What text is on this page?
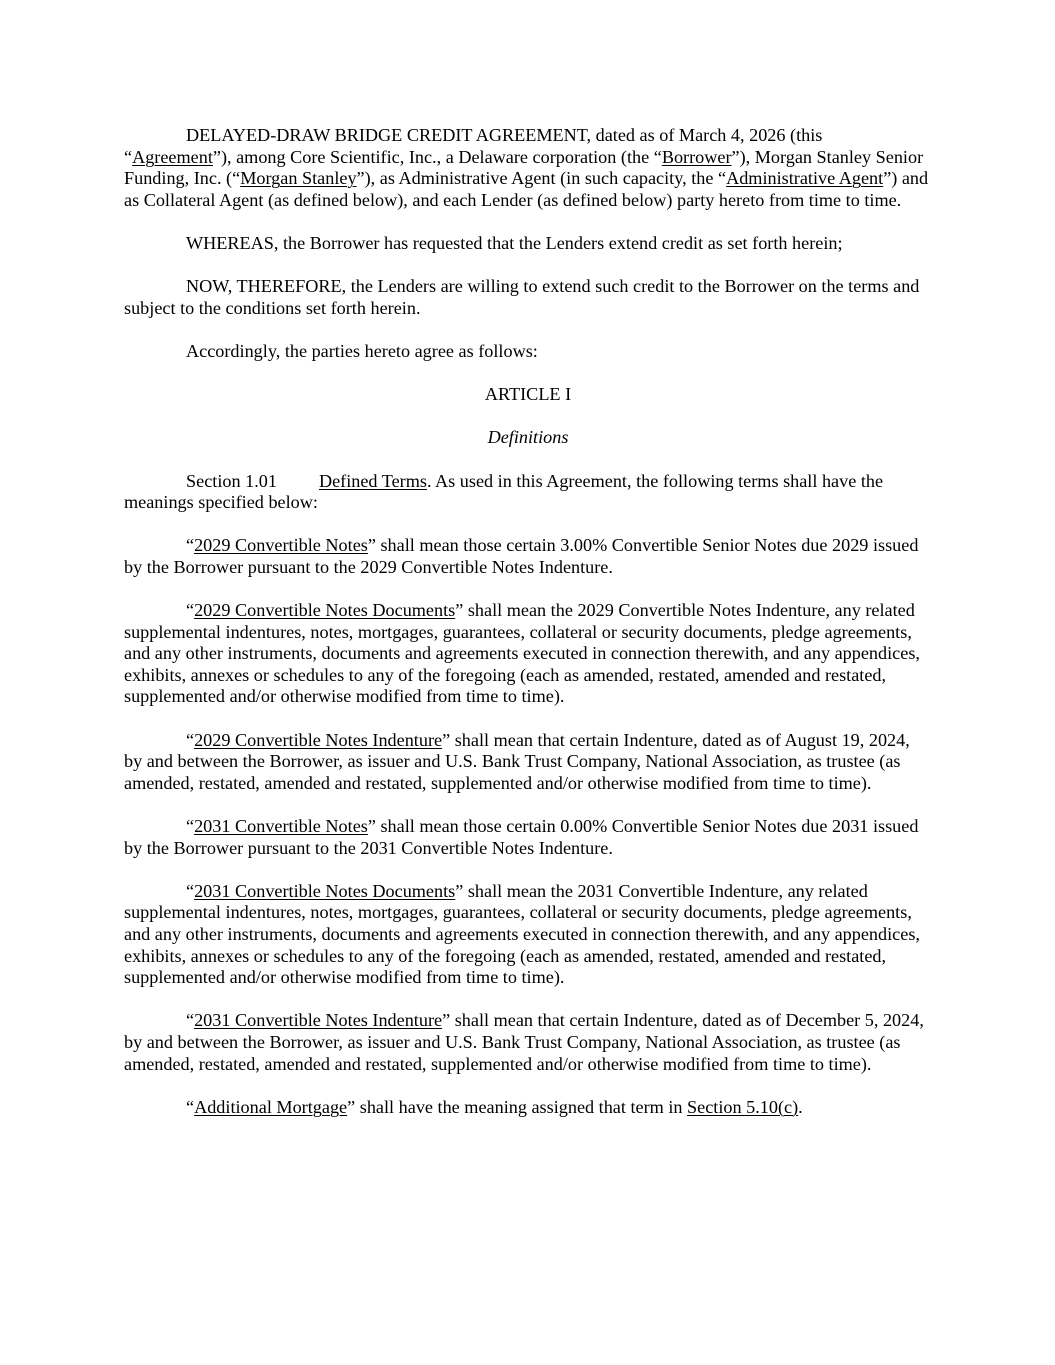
DELAYED-DRAW BRIDGE CREDIT AGREEMENT, dated as of March 4, 2026 (this “Agreement”), among Core Scientific, Inc., a Delaware corporation (the “Borrower”), Morgan Stanley Senior Funding, Inc. (“Morgan Stanley”), as Administrative Agent (in such capacity, the “Administrative Agent”) and as Collateral Agent (as defined below), and each Lender (as defined below) party hereto from time to time.

WHEREAS, the Borrower has requested that the Lenders extend credit as set forth herein;

NOW, THEREFORE, the Lenders are willing to extend such credit to the Borrower on the terms and subject to the conditions set forth herein.

Accordingly, the parties hereto agree as follows:

ARTICLE I

Definitions

Section 1.01 Defined Terms. As used in this Agreement, the following terms shall have the meanings specified below:

“2029 Convertible Notes” shall mean those certain 3.00% Convertible Senior Notes due 2029 issued by the Borrower pursuant to the 2029 Convertible Notes Indenture.

“2029 Convertible Notes Documents” shall mean the 2029 Convertible Notes Indenture, any related supplemental indentures, notes, mortgages, guarantees, collateral or security documents, pledge agreements, and any other instruments, documents and agreements executed in connection therewith, and any appendices, exhibits, annexes or schedules to any of the foregoing (each as amended, restated, amended and restated, supplemented and/or otherwise modified from time to time).

“2029 Convertible Notes Indenture” shall mean that certain Indenture, dated as of August 19, 2024, by and between the Borrower, as issuer and U.S. Bank Trust Company, National Association, as trustee (as amended, restated, amended and restated, supplemented and/or otherwise modified from time to time).

“2031 Convertible Notes” shall mean those certain 0.00% Convertible Senior Notes due 2031 issued by the Borrower pursuant to the 2031 Convertible Notes Indenture.

“2031 Convertible Notes Documents” shall mean the 2031 Convertible Indenture, any related supplemental indentures, notes, mortgages, guarantees, collateral or security documents, pledge agreements, and any other instruments, documents and agreements executed in connection therewith, and any appendices, exhibits, annexes or schedules to any of the foregoing (each as amended, restated, amended and restated, supplemented and/or otherwise modified from time to time).

“2031 Convertible Notes Indenture” shall mean that certain Indenture, dated as of December 5, 2024, by and between the Borrower, as issuer and U.S. Bank Trust Company, National Association, as trustee (as amended, restated, amended and restated, supplemented and/or otherwise modified from time to time).

“Additional Mortgage” shall have the meaning assigned that term in Section 5.10(c).
